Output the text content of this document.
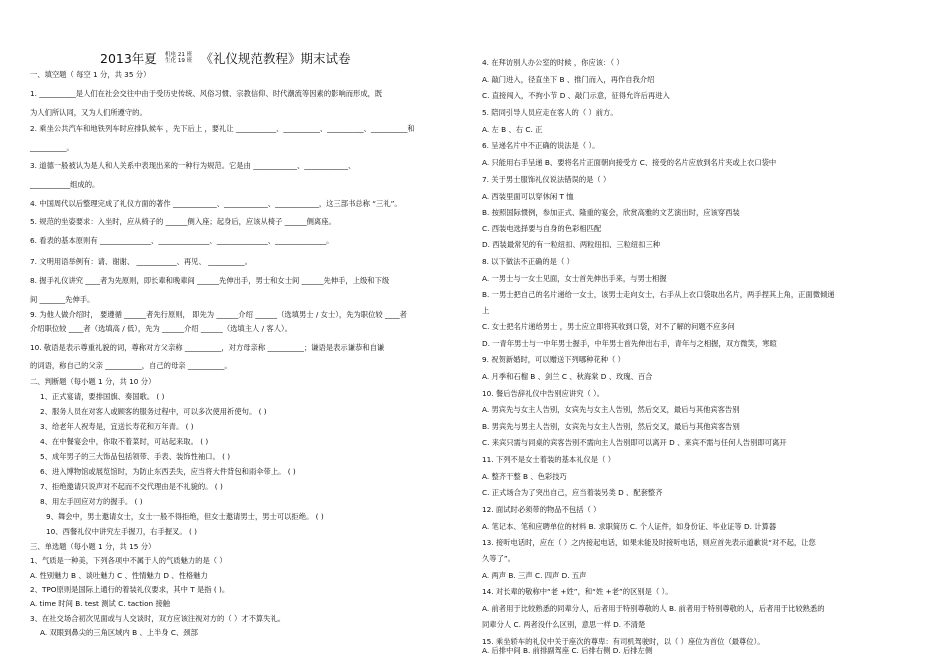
2013年夏 机电 21 班
生化 19 班 《礼仪规范教程》期末试卷
一、填空题（ 每空 1 分，共 35 分）
1. __________是人们在社会交往中由于受历史传统、风俗习惯、宗教信仰、时代潮流等因素的影响而形成，既
为人们所认同，又为人们所遵守的。
2. 乘坐公共汽车和地铁列车时应排队候车 ，先下后上 ，要礼让 ___________、__________、__________、__________和
__________。
3. 道德一般被认为是人和人关系中表现出来的一种行为规范。它是由 ____________、____________、
___________组成的。
4. 中国周代以后整理完成了礼仪方面的著作 ____________、____________、____________，这三部书总称 “三礼”。
5. 规范的坐姿要求：入坐时，应从椅子的 ______侧入座；起身后，应该从椅子 ______侧离座。
6. 看表的基本原则有 ______________、______________、______________、______________。
7. 文明用语举例有：请、谢谢、 ___________、再见、 __________。
8. 握手礼仪讲究 ____者为先原则，即长辈和晚辈间 ______先伸出手，男士和女士间 ______先伸手，上级和下级
间 _______先伸手。
9. 为他人做介绍时， 要遵循 ______者先行原则， 即先为 ______介绍 ______（选填男士 / 女士），先为职位较 ____者
介绍职位较 ____者（选填高 / 低），先为 ______介绍 ______（选填主人 / 客人）。
10. 敬语是表示尊重礼貌的词，尊称对方父亲称 __________，对方母亲称 __________；谦语是表示谦恭和自谦
的词语，称自己的父亲 __________，自己的母亲 __________。
二、判断题（每小题 1 分，共 10 分）
1、正式宴请，要排国旗、奏国歌。 ( )
2、服务人员在对客人或顾客的服务过程中，可以多次使用祈使句。 ( )
3、给老年人祝寿是，宜送长寿花和万年青。 ( )
4、在中餐宴会中，你取不着菜时，可站起来取。 ( )
5、成年男子的三大饰品包括领带、手表、装饰性袖口。 ( )
6、进入博物馆或展览馆时，为防止东西丢失，应当将大件背包和雨伞带上。 ( )
7、拒绝邀请只说声对不起而不交代理由是不礼貌的。 ( )
8、用左手回应对方的握手。 ( )
9、舞会中，男士邀请女士，女士一般不得拒绝，但女士邀请男士，男士可以拒绝。 ( )
10、西餐礼仪中讲究左手握刀，右手握叉。 ( )
三、单选题（每小题 1 分，共 15 分）
1、气质是一种美，下列各项中不属于人的气质魅力的是（ ）
A. 性别魅力 B 、谈吐魅力 C 、性情魅力 D 、性格魅力
2、TPO原则是国际上通行的着装礼仪要求，其中 T 是指 ( )。
A. time 时间 B. test 测试 C. taction 接触
3、在社交场合初次见面或与人交谈时，双方应该注视对方的（ ）才不算失礼。
A. 双眼到鼻尖的三角区域内 B 、上半身 C、颈部
4. 在拜访别人办公室的时候 ，你应该：（ ）
A. 敲门进入，径直坐下 B 、推门而入，再作自我介绍
C. 直接闯入，不拘小节 D 、敲门示意，征得允许后再进入
5. 陪同引导人员应走在客人的（ ）前方。
A. 左 B 、右 C. 正
6. 呈递名片中不正确的说法是（ ）。
A. 只能用右手呈递 B、要将名片正面朝向接受方 C、接受的名片应放到名片夹或上衣口袋中
7. 关于男士服饰礼仪说法错误的是（ ）
A. 西装里面可以穿休闲 T 恤
B. 按照国际惯例，参加正式、隆重的宴会，欣赏高雅的文艺演出时，应该穿西装
C. 西装电选择要与自身的色彩相匹配
D. 西装最常见的有一粒纽扣、两粒纽扣、三粒纽扣三种
8. 以下做法不正确的是（ ）
A. 一男士与一女士见面，女士首先伸出手来，与男士相握
B. 一男士把自己的名片递给一女士，该男士走向女士，右手从上衣口袋取出名片，两手捏其上角，正面微倾递
上
C. 女士把名片递给男士 ，男士应立即将其收到口袋，对不了解的问题不应多问
D. 一青年男士与一中年男士握手，中年男士首先伸出右手，青年与之相握，双方微笑，寒暄
9. 祝贺新婚时，可以赠送下列哪种花种（ ）
A. 月季和石榴 B 、剑兰 C 、秋海棠 D 、玫瑰、百合
10. 餐后告辞礼仪中告别应讲究（ ）。
A. 男宾先与女主人告别，女宾先与女主人告别，然后交叉，最后与其他宾客告别
B. 男宾先与男主人告别，女宾先与女主人告别，然后交叉，最后与其他宾客告别
C. 来宾只需与同桌的宾客告别不需向主人告别即可以离开 D 、来宾不需与任何人告别即可离开
11. 下列不是女士着装的基本礼仪是（ ）
A. 整齐干整 B 、色彩技巧
C. 正式场合为了突出自己，应当着装另类 D 、配套整齐
12. 面试时必须带的物品不包括（ ）
A. 笔记本、笔和应聘单位的材料 B. 求职简历 C. 个人证件，如身份证、毕业证等 D. 计算器
13. 接听电话时，应在（ ）之内接起电话，如果未能及时接听电话，则应首先表示道歉说“对不起，让您
久等了”。
A. 两声 B. 三声 C. 四声 D. 五声
14. 对长辈的敬称中“老 +姓”，和“姓 +老”的区别是（ ）。
A. 前者用于比较熟悉的同辈分人，后者用于特别尊敬的人 B. 前者用于特别尊敬的人，后者用于比较熟悉的
同辈分人 C. 两者没什么区别，意思一样 D. 不清楚
15. 乘坐轿车的礼仪中关于座次的尊卑：有司机驾驶时，以（ ）座位为首位（最尊位）。
A. 后排中间 B. 前排副驾座 C. 后排右侧 D. 后排左侧
